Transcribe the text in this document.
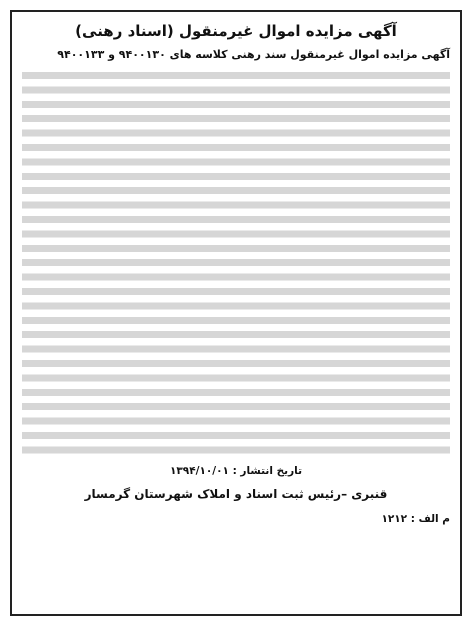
آگهی مزایده اموال غیرمنقول (اسناد رهنی)
آگهی مزایده اموال غیرمنقول سند رهنی کلاسه های ۹۴۰۰۱۳۰ و ۹۴۰۰۱۳۳
تاریخ انتشار : ۱۳۹۴/۱۰/۰۱
قنبری –رئیس ثبت اسناد و املاک شهرستان گرمسار
م الف : ۱۲۱۲
